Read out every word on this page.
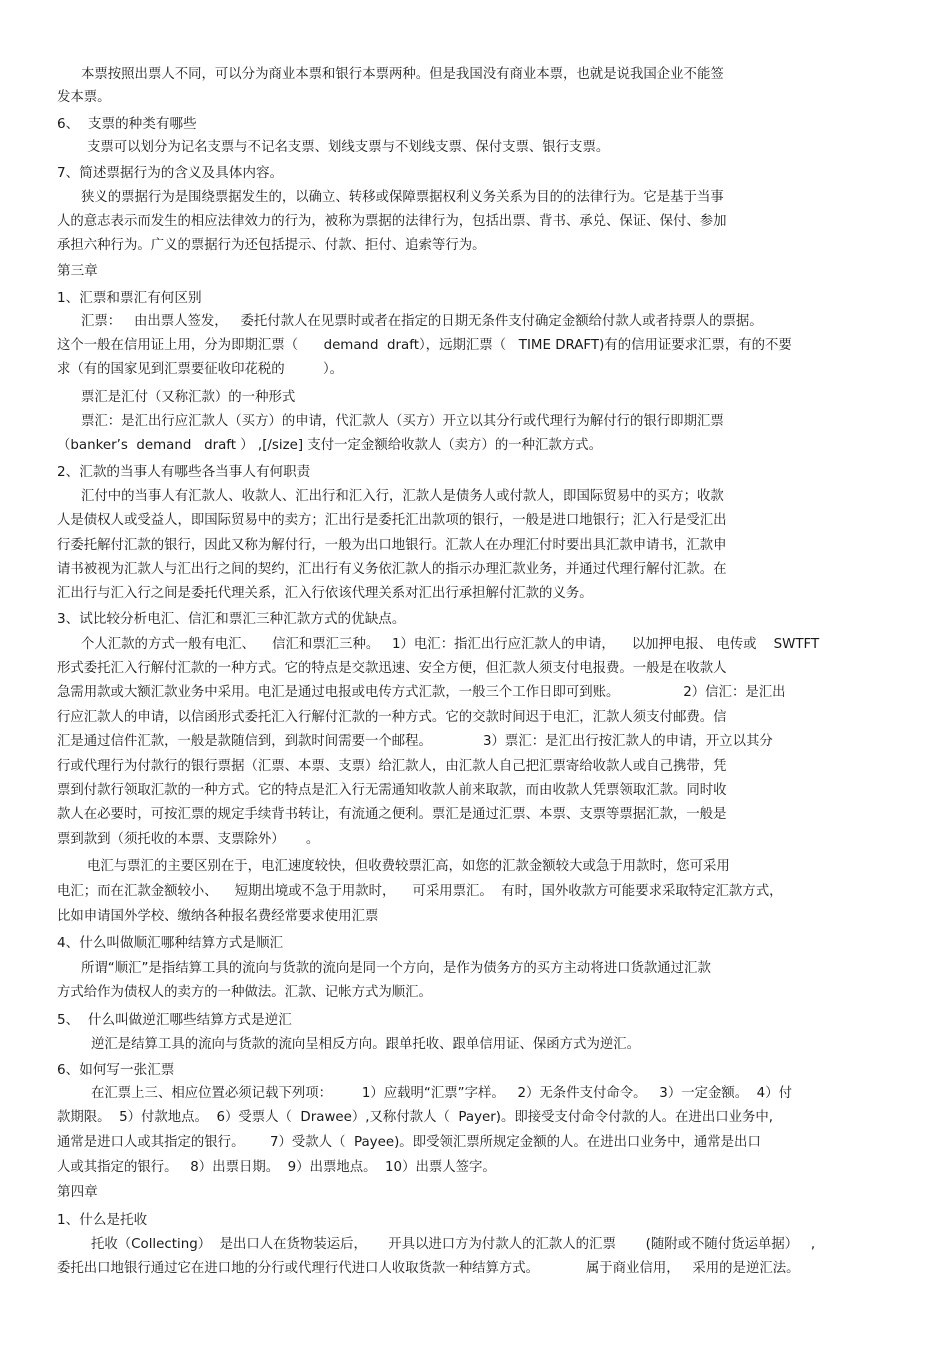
本票按照出票人不同，可以分为商业本票和银行本票两种。但是我国没有商业本票，也就是说我国企业不能签
发本票。
6、  支票的种类有哪些
支票可以划分为记名支票与不记名支票、划线支票与不划线支票、保付支票、银行支票。
7、简述票据行为的含义及具体内容。
狭义的票据行为是围绕票据发生的，以确立、转移或保障票据权利义务关系为目的的法律行为。它是基于当事
人的意志表示而发生的相应法律效力的行为，被称为票据的法律行为，包括出票、背书、承兑、保证、保付、参加
承担六种行为。广义的票据行为还包括提示、付款、拒付、追索等行为。
第三章
1、汇票和票汇有何区别
汇票：   由出票人签发，   委托付款人在见票时或者在指定的日期无条件支付确定金额给付款人或者持票人的票据。
这个一般在信用证上用，分为即期汇票（      demand  draft），远期汇票（   TIME DRAFT)有的信用证要求汇票，有的不要
求（有的国家见到汇票要征收印花税的         ）。
票汇是汇付（又称汇款）的一种形式
票汇：是汇出行应汇款人（买方）的申请，代汇款人（买方）开立以其分行或代理行为解付行的银行即期汇票
（banker’s  demand   draft ） ,[/size] 支付一定金额给收款人（卖方）的一种汇款方式。
2、汇款的当事人有哪些各当事人有何职责
汇付中的当事人有汇款人、收款人、汇出行和汇入行，汇款人是债务人或付款人，即国际贸易中的买方；收款
人是债权人或受益人，即国际贸易中的卖方；汇出行是委托汇出款项的银行，一般是进口地银行；汇入行是受汇出
行委托解付汇款的银行，因此又称为解付行，一般为出口地银行。汇款人在办理汇付时要出具汇款申请书，汇款申
请书被视为汇款人与汇出行之间的契约，汇出行有义务依汇款人的指示办理汇款业务，并通过代理行解付汇款。在
汇出行与汇入行之间是委托代理关系，汇入行依该代理关系对汇出行承担解付汇款的义务。
3、试比较分析电汇、信汇和票汇三种汇款方式的优缺点。
个人汇款的方式一般有电汇、    信汇和票汇三种。   1）电汇：指汇出行应汇款人的申请，    以加押电报、 电传或    SWTFT
形式委托汇入行解付汇款的一种方式。它的特点是交款迅速、安全方便，但汇款人须支付电报费。一般是在收款人
急需用款或大额汇款业务中采用。电汇是通过电报或电传方式汇款，一般三个工作日即可到账。               2）信汇：是汇出
行应汇款人的申请，以信函形式委托汇入行解付汇款的一种方式。它的交款时间迟于电汇，汇款人须支付邮费。信
汇是通过信件汇款，一般是款随信到，到款时间需要一个邮程。            3）票汇：是汇出行按汇款人的申请，开立以其分
行或代理行为付款行的银行票据（汇票、本票、支票）给汇款人，由汇款人自己把汇票寄给收款人或自己携带，凭
票到付款行领取汇款的一种方式。它的特点是汇入行无需通知收款人前来取款，而由收款人凭票领取汇款。同时收
款人在必要时，可按汇票的规定手续背书转让，有流通之便利。票汇是通过汇票、本票、支票等票据汇款，一般是
票到款到（须托收的本票、支票除外）     。
电汇与票汇的主要区别在于，电汇速度较快，但收费较票汇高，如您的汇款金额较大或急于用款时，您可采用
电汇；而在汇款金额较小、    短期出境或不急于用款时，    可采用票汇。  有时，国外收款方可能要求采取特定汇款方式，
比如申请国外学校、缴纳各种报名费经常要求使用汇票
4、什么叫做顺汇哪种结算方式是顺汇
所谓“顺汇”是指结算工具的流向与货款的流向是同一个方向，是作为债务方的买方主动将进口货款通过汇款
方式给作为债权人的卖方的一种做法。汇款、记帐方式为顺汇。
5、  什么叫做逆汇哪些结算方式是逆汇
逆汇是结算工具的流向与货款的流向呈相反方向。跟单托收、跟单信用证、保函方式为逆汇。
6、如何写一张汇票
在汇票上三、相应位置必须记载下列项：       1）应载明“汇票”字样。   2）无条件支付命令。   3）一定金额。  4）付
款期限。  5）付款地点。  6）受票人（  Drawee）,又称付款人（  Payer)。即接受支付命令付款的人。在进出口业务中,
通常是进口人或其指定的银行。      7）受款人（  Payee)。即受领汇票所规定金额的人。在进出口业务中，通常是出口
人或其指定的银行。   8）出票日期。  9）出票地点。  10）出票人签字。
第四章
1、什么是托收
托收（Collecting）  是出口人在货物装运后，     开具以进口方为付款人的汇款人的汇票       (随附或不随付货运单据）   ,
委托出口地银行通过它在进口地的分行或代理行代进口人收取货款一种结算方式。           属于商业信用，   采用的是逆汇法。
